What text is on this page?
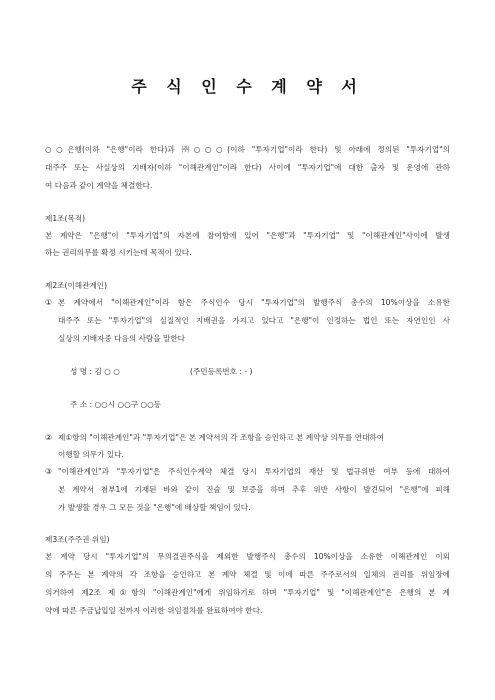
주 식 인 수 계 약 서
○○은행(이하 "은행"이라 한다)과 ㈜○○○(이하 "투자기업"이라 한다) 및 아래에 정의된 "투자기업"의
대주주 또는 사실상의 지배자(이하 "이해관계인"이라 한다) 사이에 "투자기업"에 대한 출자 및 운영에 관하
여 다음과 같이 계약을 체결한다.
제1조(목적)
본 계약은 "은행"이 "투자기업"의 자본에 참여함에 있어 "은행"과 "투자기업" 및 "이해관계인"사이에 발생
하는 권리의무를 확정 시키는데 목적이 있다.
제2조(이해관계인)
① 본 계약에서 "이해관계인"이라 함은 주식인수 당시 "투자기업"의 발행주식 총수의 10%이상을 소유한
대주주 또는 "투자기업"의 실질적인 지배권을 가지고 있다고 "은행"이 인정하는 법인 또는 자연인인 사
실상의 지배자중 다음의 사람을 말한다
성 명 : 김 ○ ○	(주민등록번호 : - )
주 소 : ○○시 ○○구 ○○동
② 제①항의 "이해관계인"과 "투자기업"은 본 계약서의 각 조항을 승인하고 본 계약상 의무를 연대하여
이행할 의무가 있다.
③ "이해관계인"과 "투자기업"은 주식인수계약 체결 당시 투자기업의 재산 및 법규위반 여부 등에 대하여
본 계약서 첨부1에 기재된 바와 같이 진술 및 보증을 하며 추후 위반 사항이 발견되어 "은행"에 피해
가 발생할 경우 그 모든 것을 "은행"에 배상할 책임이 있다.
제3조(주주권 위임)
본 계약 당시 "투자기업"의 무의결권주식을 제외한 발행주식 총수의 10%이상을 소유한 이해관계인 이외
의 주주는 본 계약의 각 조항을 승인하고 본 계약 체결 및 이에 따른 주주로서의 일체의 권리를 위임장에
의거하여 제2조 제①항의 "이해관계인"에게 위임하기로 하며 "투자기업" 및 "이해관계인"은 은행의 본 계
약에 따른 주금납입일 전까지 이러한 위임절차를 완료하여야 한다.
